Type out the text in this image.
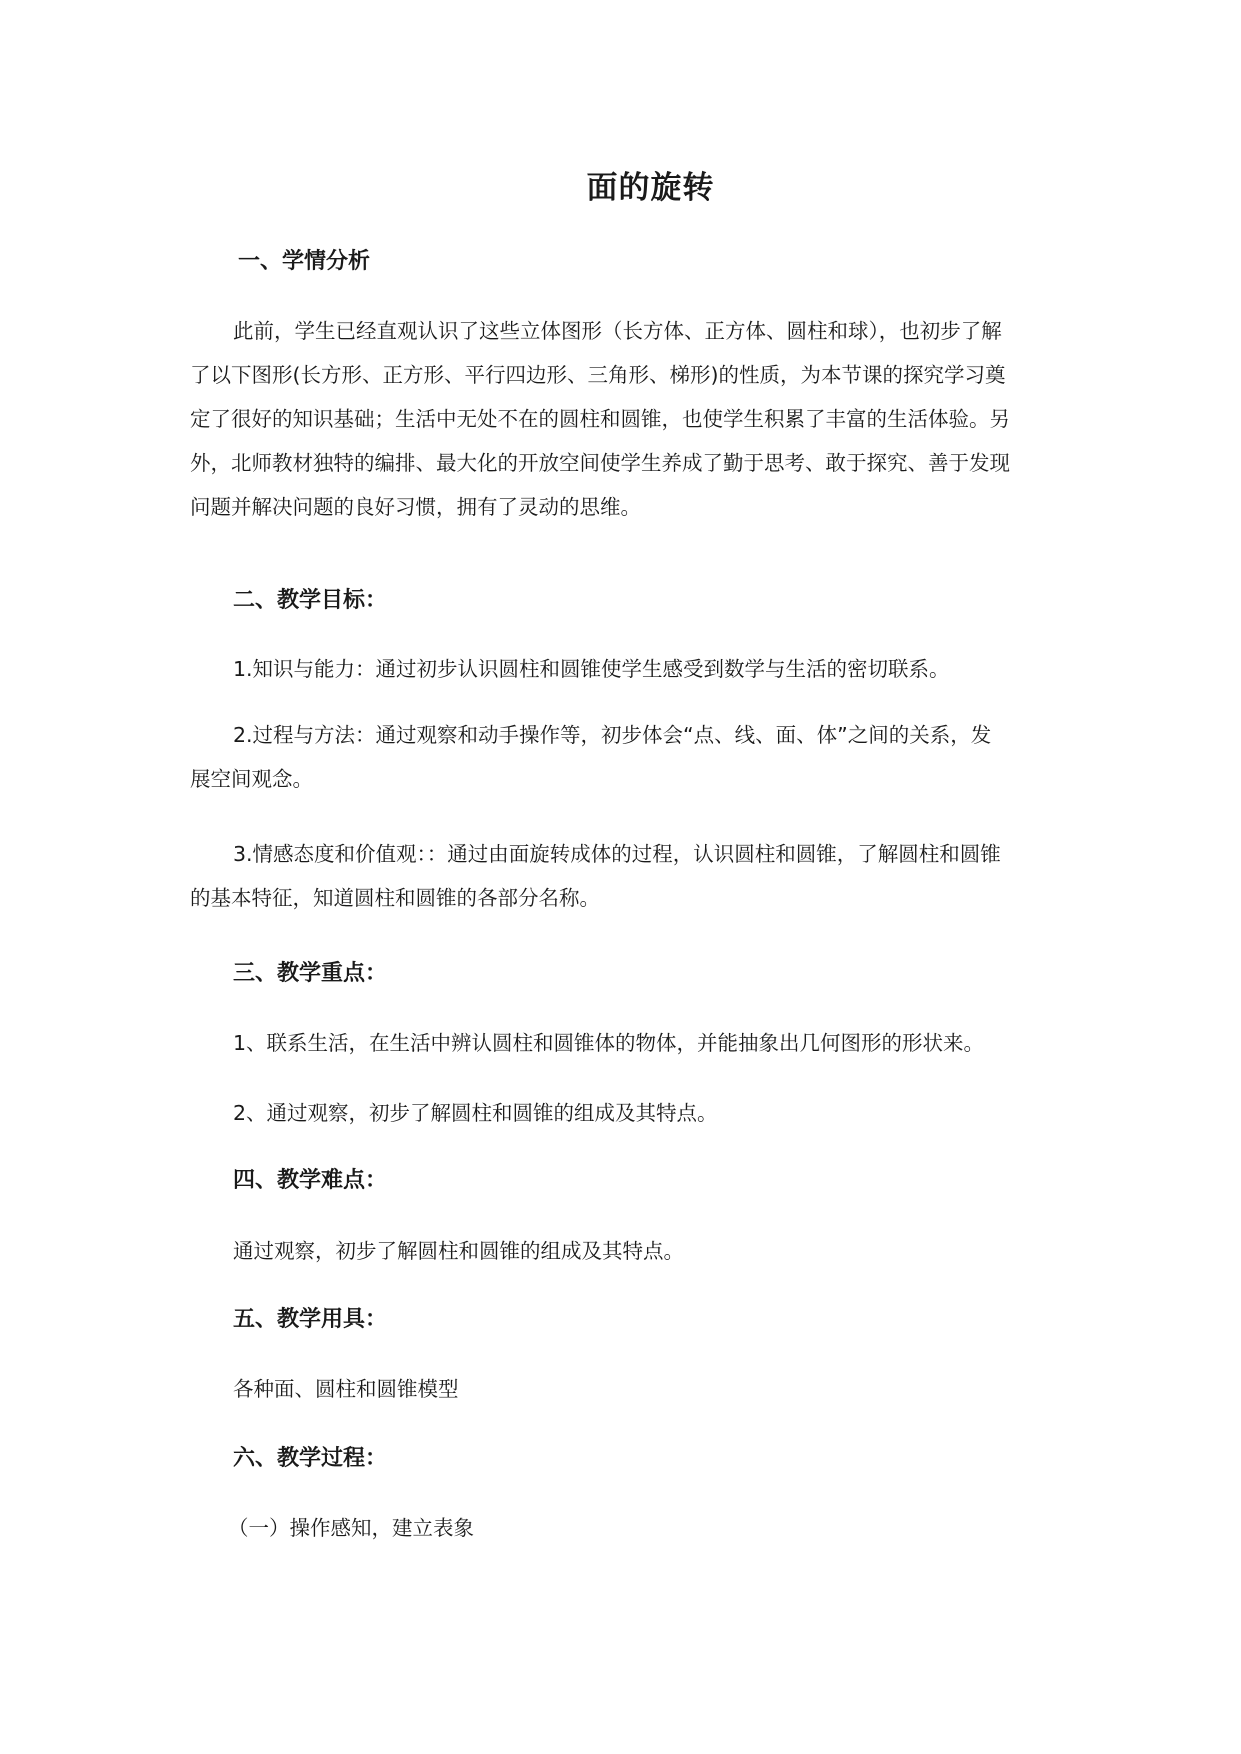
面的旋转
一、学情分析
此前，学生已经直观认识了这些立体图形（长方体、正方体、圆柱和球），也初步了解
了以下图形(长方形、正方形、平行四边形、三角形、梯形)的性质，为本节课的探究学习奠
定了很好的知识基础；生活中无处不在的圆柱和圆锥，也使学生积累了丰富的生活体验。另
外，北师教材独特的编排、最大化的开放空间使学生养成了勤于思考、敢于探究、善于发现
问题并解决问题的良好习惯，拥有了灵动的思维。
二、教学目标：
1.知识与能力：通过初步认识圆柱和圆锥使学生感受到数学与生活的密切联系。
2.过程与方法：通过观察和动手操作等，初步体会“点、线、面、体”之间的关系，发
展空间观念。
3.情感态度和价值观：：通过由面旋转成体的过程，认识圆柱和圆锥，了解圆柱和圆锥
的基本特征，知道圆柱和圆锥的各部分名称。
三、教学重点：
1、联系生活，在生活中辨认圆柱和圆锥体的物体，并能抽象出几何图形的形状来。
2、通过观察，初步了解圆柱和圆锥的组成及其特点。
四、教学难点：
通过观察，初步了解圆柱和圆锥的组成及其特点。
五、教学用具：
各种面、圆柱和圆锥模型
六、教学过程：
（一）操作感知，建立表象
